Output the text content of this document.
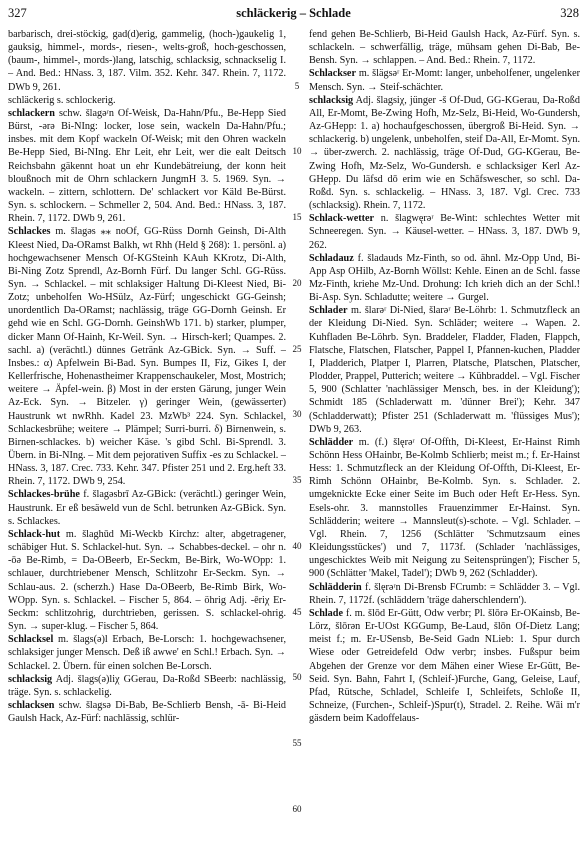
327	schläckerig – Schlade	328

barbarisch, drei-stöckig, gad(d)erig, gammelig, (hoch-)gaukelig 1, gauksig, himmel-, mords-, riesen-, welts-groß, hoch-geschossen, (baum-, himmel-, mords-)lang, latschig, schlacksig, schnackselig I. – And. Bed.: HNass. 3, 187. Vilm. 352. Kehr. 347. Rhein. 7, 1172. DWb 9, 261.

schläckerig s. schlockerig.

schlackern schw. šlagǝʳn Of-Weisk, Da-Hahn/Pfu., Be-Hepp Sied Bürst, -ǝrǝ Bi-NIng: locker, lose sein, wackeln Da-Hahn/Pfu.; insbes. mit dem Kopf wackeln Of-Weisk; mit den Ohren wackeln Be-Hepp Sied, Bi-NIng. Ehr Leit, ehr Leit, wer die ealt Deitsch Reichsbahn gäkennt hoat un ehr Kundebätreiung, der konn heit bloußnoch mit de Ohrn schlackern JungmH 3. 5. 1969. Syn. → wackeln. – zittern, schlottern. De' schlackert vor Käld Be-Bürst. Syn. s. schlockern. – Schmeller 2, 504. And. Bed.: HNass. 3, 187. Rhein. 7, 1172. DWb 9, 261.

Schlackes m. šlagǝs ⁎⁎ noOf, GG-Rüss Dornh Geinsh, Di-Alth Kleest Nied, Da-ORamst Balkh, wt Rhh (Held § 268): 1. persönl. a) hochgewachsener Mensch Of-KGSteinh KAuh KKrotz, Di-Alth, Bi-Ning Zotz Sprendl, Az-Bornh Fürf. Du langer Schl. GG-Rüss. Syn. → Schlackel. – mit schlaksiger Haltung Di-Kleest Nied, Bi-Zotz; unbeholfen Wo-HSülz, Az-Fürf; ungeschickt GG-Geinsh; unordentlich Da-ORamst; nachlässig, träge GG-Dornh Geinsh. Er gehd wie en Schl. GG-Dornh. GeinshWb 171. b) starker, plumper, dicker Mann Of-Hainh, Kr-Weil. Syn. → Hirsch-kerl; Quampes. 2. sachl. a) (verächtl.) dünnes Getränk Az-GBick. Syn. → Suff. – Insbes.: α) Apfelwein Bi-Bad. Syn. Bumpes II, Fiz, Gikes I, der Kellerfrische, Hohenastheimer Krappenschaukeler, Most, Mostrich; weitere → Äpfel-wein. β) Most in der ersten Gärung, junger Wein Az-Eck. Syn. → Bitzeler. γ) geringer Wein, (gewässerter) Haustrunk wt nwRhh. Kadel 23. MzWb³ 224. Syn. Schlackel, Schlackesbrühe; weitere → Plämpel; Surri-burri. δ) Birnenwein, s. Birnen-schlackes. b) weicher Käse. 's gibd Schl. Bi-Sprendl. 3. Übern. in Bi-NIng. – Mit dem pejorativen Suffix -es zu Schlackel. – HNass. 3, 187. Crec. 733. Kehr. 347. Pfister 251 und 2. Erg.heft 33. Rhein. 7, 1172. DWb 9, 254.

Schlackes-brühe f. šlagǝsbrī Az-GBick: (verächtl.) geringer Wein, Haustrunk. Er eß besäweld vun de Schl. betrunken Az-GBick. Syn. s. Schlackes.

Schlack-hut m. šlaghūd Mi-Weckb Kirchz: alter, abgetragener, schäbiger Hut. S. Schlackel-hut. Syn. → Schabbes-deckel. – ohr n. -ōǝ Be-Rimb, = Da-OBeerb, Er-Seckm, Be-Birk, Wo-WOpp: 1. schlauer, durchtriebener Mensch, Schlitzohr Er-Seckm. Syn. → Schlau-aus. 2. (scherzh.) Hase Da-OBeerb, Be-Rimb Birk, Wo-WOpp. Syn. s. Schlackel. – Fischer 5, 864. – öhrig Adj. -ēriχ Er-Seckm: schlitzohrig, durchtrieben, gerissen. S. schlackel-ohrig. Syn. → super-klug. – Fischer 5, 864.

Schlacksel m. šlags(ǝ)l Erbach, Be-Lorsch: 1. hochgewachsener, schlaksiger junger Mensch. Deß iß awwe' en Schl.! Erbach. Syn. → Schlackel. 2. Übern. für einen solchen Be-Lorsch.

schlacksig Adj. šlags(ǝ)liχ GGerau, Da-Roßd SBeerb: nachlässig, träge. Syn. s. schlackelig.

schlacksen schw. šlagsǝ Di-Bab, Be-Schlierb Bensh, -ā- Bi-Heid Gaulsh Hack, Az-Fürf: nachlässig, schlür-

5
10
15
20
25
30
35
40
45
50
55
60

fend gehen Be-Schlierb, Bi-Heid Gaulsh Hack, Az-Fürf. Syn. s. schlackeln. – schwerfällig, träge, mühsam gehen Di-Bab, Be-Bensh. Syn. → schlappen. – And. Bed.: Rhein. 7, 1172.

Schlackser m. šlägsǝʳ Er-Momt: langer, unbeholfener, ungelenker Mensch. Syn. → Steif-schächter.

schlacksig Adj. šlagsiχ, jünger -š Of-Dud, GG-KGerau, Da-Roßd All, Er-Momt, Be-Zwing Hofh, Mz-Selz, Bi-Heid, Wo-Gundersh, Az-GHepp: 1. a) hochaufgeschossen, übergroß Bi-Heid. Syn. → schlackerig. b) ungelenk, unbeholfen, steif Da-All, Er-Momt. Syn. → über-zwerch. 2. nachlässig, träge Of-Dud, GG-KGerau, Be-Zwing Hofh, Mz-Selz, Wo-Gundersh. e schlacksiger Kerl Az-GHepp. Du läfsd dō erim wie en Schāfswescher, so schl. Da-Roßd. Syn. s. schlackelig. – HNass. 3, 187. Vgl. Crec. 733 (schlacksig). Rhein. 7, 1172.

Schlack-wetter n. šlagwęrǝʳ Be-Wint: schlechtes Wetter mit Schneeregen. Syn. → Käusel-wetter. – HNass. 3, 187. DWb 9, 262.

Schladauz f. šladauds Mz-Finth, so od. ähnl. Mz-Opp Und, Bi-App Asp OHilb, Az-Bornh Wöllst: Kehle. Einen an de Schl. fasse Mz-Finth, kriehe Mz-Und. Drohung: Ich krieh dich an der Schl.! Bi-Asp. Syn. Schladutte; weitere → Gurgel.

Schlader m. šlarǝʳ Di-Nied, šlarǝʳ Be-Löhrb: 1. Schmutzfleck an der Kleidung Di-Nied. Syn. Schläder; weitere → Wapen. 2. Kuhfladen Be-Löhrb. Syn. Braddeler, Fladder, Fladen, Flappch, Flatsche, Flatschen, Flatscher, Pappel I, Pfannen-kuchen, Pladder I, Pladderich, Platper I, Plarren, Platsche, Platschen, Platscher, Plodder, Prappel, Putterich; weitere → Kühbraddel. – Vgl. Fischer 5, 900 (Schlatter 'nachlässiger Mensch, bes. in der Kleidung'); Schmidt 185 (Schladerwatt m. 'dünner Brei'); Kehr. 347 (Schladderwatt); Pfister 251 (Schladerwatt m. 'flüssiges Mus'); DWb 9, 263.

Schlädder m. (f.) šlęrǝʳ Of-Offth, Di-Kleest, Er-Hainst Rimh Schönn Hess OHainbr, Be-Kolmb Schlierb; meist m.; f. Er-Hainst Hess: 1. Schmutzfleck an der Kleidung Of-Offth, Di-Kleest, Er-Rimh Schönn OHainbr, Be-Kolmb. Syn. s. Schlader. 2. umgeknickte Ecke einer Seite im Buch oder Heft Er-Hess. Syn. Esels-ohr. 3. mannstolles Frauenzimmer Er-Hainst. Syn. Schlädderin; weitere → Mannsleut(s)-schote. – Vgl. Schlader. – Vgl. Rhein. 7, 1256 (Schlätter 'Schmutzsaum eines Kleidungsstückes') und 7, 1173f. (Schlader 'nachlässiges, ungeschicktes Weib mit Neigung zu Seitensprüngen'); Fischer 5, 900 (Schlätter 'Makel, Tadel'); DWb 9, 262 (Schladder).

Schlädderin f. šlęrǝʳn Di-Brensb FCrumb: = Schlädder 3. – Vgl. Rhein. 7, 1172f. (schläddern 'träge daherschlendern').

Schlade f. m. šlōd Er-Gütt, Odw verbr; Pl. šlōrǝ Er-OKainsb, Be-Lörz, šlōrǝn Er-UOst KGGump, Be-Laud, šlōn Of-Dietz Lang; meist f.; m. Er-USensb, Be-Seid Gadn NLieb: 1. Spur durch Wiese oder Getreidefeld Odw verbr; insbes. Fußspur beim Abgehen der Grenze vor dem Mähen einer Wiese Er-Gütt, Be-Seid. Syn. Bahn, Fahrt I, (Schleif-)Furche, Gang, Geleise, Lauf, Pfad, Rütsche, Schladel, Schleife I, Schleifets, Schloße II, Schneize, (Furchen-, Schleif-)Spur(t), Stradel. 2. Reihe. Wāi m'r gäsdern beim Kadoffelaus-
